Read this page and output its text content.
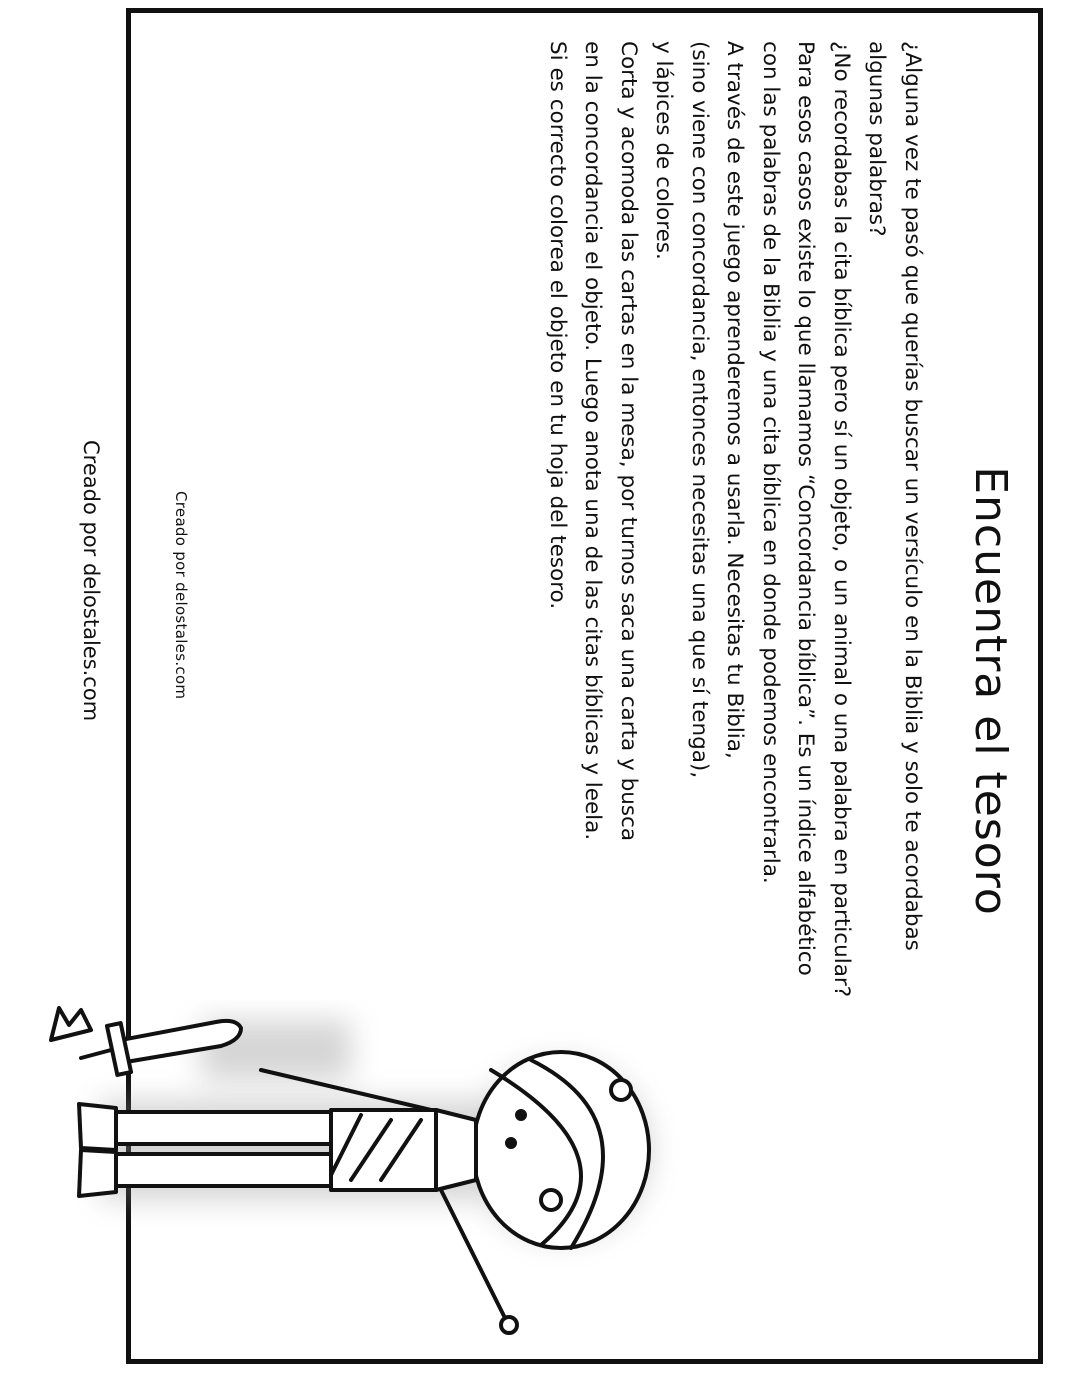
Encuentra el tesoro
¿Alguna vez te pasó que querías buscar un versículo en la Biblia y solo te acordabas
algunas palabras?
¿No recordabas la cita bíblica pero sí un objeto, o un animal o una palabra en particular?
Para esos casos existe lo que llamamos “Concordancia bíblica”. Es un índice alfabético
con las palabras de la Biblia y una cita bíblica en donde podemos encontrarla.
A través de este juego aprenderemos a usarla. Necesitas tu Biblia,
(sino viene con concordancia, entonces necesitas una que sí tenga),
y lápices de colores.
Corta y acomoda las cartas en la mesa, por turnos saca una carta y busca
en la concordancia el objeto. Luego anota una de las citas bíblicas y leela.
Si es correcto colorea el objeto en tu hoja del tesoro.
Creado por delostales.com
Creado por delostales.com
